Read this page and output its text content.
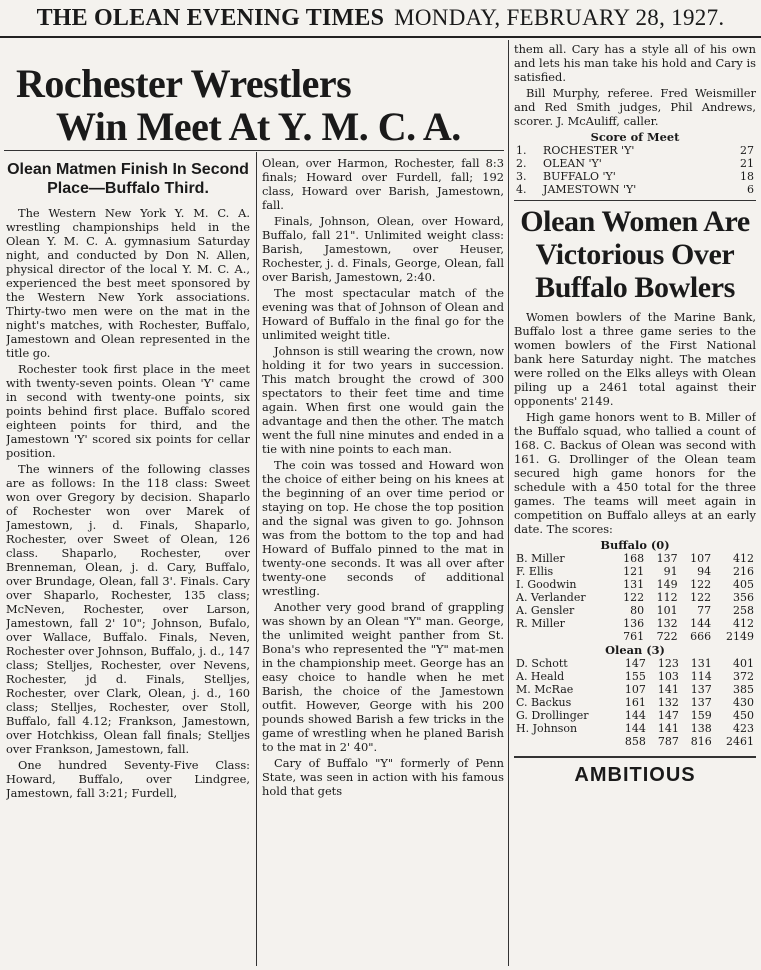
THE OLEAN EVENING TIMES MONDAY, FEBRUARY 28, 1927.
Rochester Wrestlers
Win Meet At Y. M. C. A.
Olean Matmen Finish In Second Place—Buffalo Third.

The Western New York Y. M. C. A. wrestling championships held in the Olean Y. M. C. A. gymnasium Saturday night, and conducted by Don N. Allen, physical director of the local Y. M. C. A., experienced the best meet sponsored by the Western New York associations. Thirty-two men were on the mat in the night's matches, with Rochester, Buffalo, Jamestown and Olean represented in the title go.

Rochester took first place in the meet with twenty-seven points. Olean 'Y' came in second with twenty-one points, six points behind first place. Buffalo scored eighteen points for third, and the Jamestown 'Y' scored six points for cellar position.

The winners of the following classes are as follows: In the 118 class: Sweet won over Gregory by decision. Shaparlo of Rochester won over Marek of Jamestown, j. d. Finals, Shaparlo, Rochester, over Sweet of Olean, 126 class. Shaparlo, Rochester, over Brenneman, Olean, j. d. Cary, Buffalo, over Brundage, Olean, fall 3'. Finals. Cary over Shaparlo, Rochester, 135 class; McNeven, Rochester, over Larson, Jamestown, fall 2' 10"; Johnson, Bufalo, over Wallace, Buffalo. Finals, Neven, Rochester over Johnson, Buffalo, j. d., 147 class; Stelljes, Rochester, over Nevens, Rochester, jd d. Finals, Stelljes, Rochester, over Clark, Olean, j. d., 160 class; Stelljes, Rochester, over Stoll, Buffalo, fall 4.12; Frankson, Jamestown, over Hotchkiss, Olean fall finals; Stelljes over Frankson, Jamestown, fall.

One hundred Seventy-Five Class: Howard, Buffalo, over Lindgree, Jamestown, fall 3:21; Furdell,

Olean, over Harmon, Rochester, fall 8:3 finals; Howard over Furdell, fall; 192 class, Howard over Barish, Jamestown, fall.

Finals, Johnson, Olean, over Howard, Buffalo, fall 21". Unlimited weight class: Barish, Jamestown, over Heuser, Rochester, j. d. Finals, George, Olean, fall over Barish, Jamestown, 2:40.

The most spectacular match of the evening was that of Johnson of Olean and Howard of Buffalo in the final go for the unlimited weight title.

Johnson is still wearing the crown, now holding it for two years in succession. This match brought the crowd of 300 spectators to their feet time and time again. When first one would gain the advantage and then the other. The match went the full nine minutes and ended in a tie with nine points to each man.

The coin was tossed and Howard won the choice of either being on his knees at the beginning of an over time period or staying on top. He chose the top position and the signal was given to go. Johnson was from the bottom to the top and had Howard of Buffalo pinned to the mat in twenty-one seconds. It was all over after twenty-one seconds of additional wrestling.

Another very good brand of grappling was shown by an Olean "Y" man. George, the unlimited weight panther from St. Bona's who represented the "Y" mat-men in the championship meet. George has an easy choice to handle when he met Barish, the choice of the Jamestown outfit. However, George with his 200 pounds showed Barish a few tricks in the game of wrestling when he planed Barish to the mat in 2' 40".

Cary of Buffalo "Y" formerly of Penn State, was seen in action with his famous hold that gets

them all. Cary has a style all of his own and lets his man take his hold and Cary is satisfied.

Bill Murphy, referee. Fred Weismiller and Red Smith judges, Phil Andrews, scorer. J. McAuliff, caller.

Score of Meet
1.	ROCHESTER 'Y'	27
2.	OLEAN 'Y'	21
3.	BUFFALO 'Y'	18
4.	JAMESTOWN 'Y'	6
Olean Women Are Victorious Over Buffalo Bowlers

Women bowlers of the Marine Bank, Buffalo lost a three game series to the women bowlers of the First National bank here Saturday night. The matches were rolled on the Elks alleys with Olean piling up a 2461 total against their opponents' 2149.

High game honors went to B. Miller of the Buffalo squad, who tallied a count of 168. C. Backus of Olean was second with 161. G. Drollinger of the Olean team secured high game honors for the schedule with a 450 total for the three games. The teams will meet again in competition on Buffalo alleys at an early date. The scores:

Buffalo (0)
B. Miller	168	137	107	412
F. Ellis	121	91	94	216
I. Goodwin	131	149	122	405
A. Verlander	122	112	122	356
A. Gensler	80	101	77	258
R. Miller	136	132	144	412
	761	722	666	2149
Olean (3)
D. Schott	147	123	131	401
A. Heald	155	103	114	372
M. McRae	107	141	137	385
C. Backus	161	132	137	430
G. Drollinger	144	147	159	450
H. Johnson	144	141	138	423
	858	787	816	2461
AMBITIOUS
